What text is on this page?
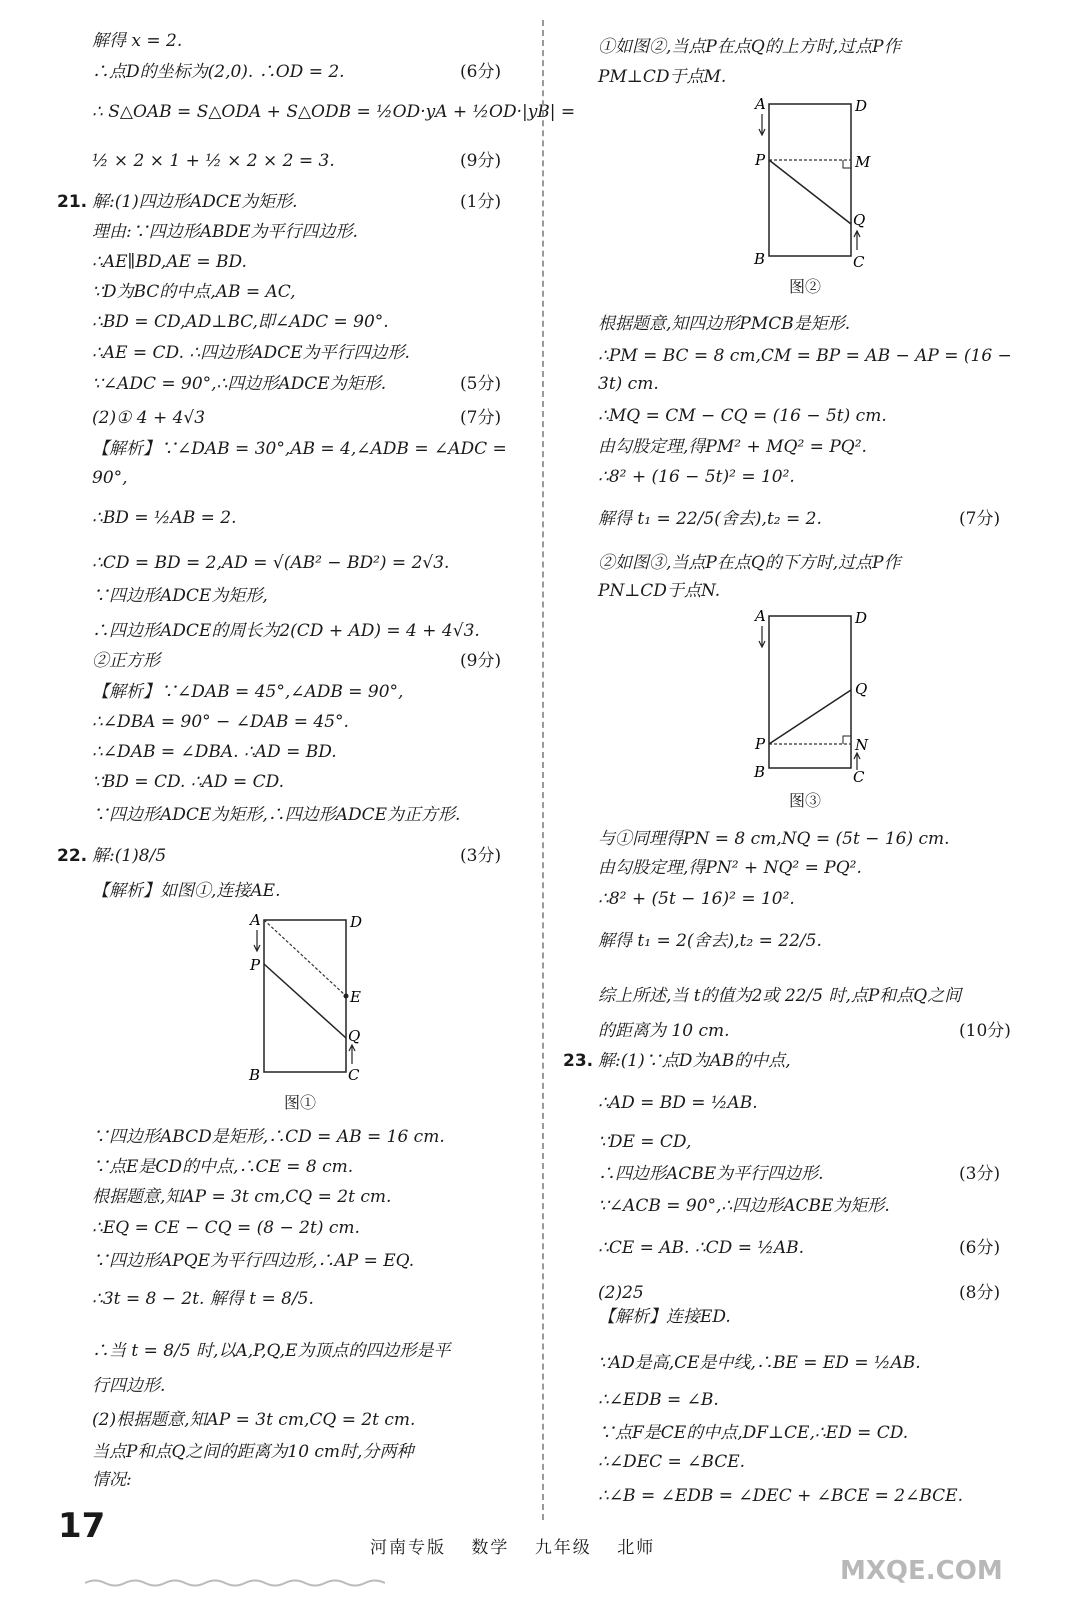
解得 x = 2.
∴点D的坐标为(2,0). ∴OD = 2.	(6分)
∴ S△OAB = S△ODA + S△ODB = ½OD·yA + ½OD·|yB| =
½ × 2 × 1 + ½ × 2 × 2 = 3.	(9分)
21. 解:(1)四边形ADCE为矩形.	(1分)
理由:∵四边形ABDE为平行四边形.
∴AE∥BD,AE = BD.
∵D为BC的中点,AB = AC,
∴BD = CD,AD⊥BC,即∠ADC = 90°.
∴AE = CD. ∴四边形ADCE为平行四边形.
∵∠ADC = 90°,∴四边形ADCE为矩形.	(5分)
(2)① 4 + 4√3	(7分)
【解析】∵∠DAB = 30°,AB = 4,∠ADB = ∠ADC =
90°,
∴BD = ½AB = 2.
∴CD = BD = 2,AD = √(AB² − BD²) = 2√3.
∵四边形ADCE为矩形,
∴四边形ADCE的周长为2(CD + AD) = 4 + 4√3.
②正方形	(9分)
【解析】∵∠DAB = 45°,∠ADB = 90°,
∴∠DBA = 90° − ∠DAB = 45°.
∴∠DAB = ∠DBA. ∴AD = BD.
∵BD = CD. ∴AD = CD.
∵四边形ADCE为矩形,∴四边形ADCE为正方形.
22. 解:(1)8/5	(3分)
【解析】如图①,连接AE.
∵四边形ABCD是矩形,∴CD = AB = 16 cm.
∵点E是CD的中点,∴CE = 8 cm.
根据题意,知AP = 3t cm,CQ = 2t cm.
∴EQ = CE − CQ = (8 − 2t) cm.
∵四边形APQE为平行四边形,∴AP = EQ.
∴3t = 8 − 2t. 解得 t = 8/5.
∴当 t = 8/5 时,以A,P,Q,E为顶点的四边形是平
行四边形.
(2)根据题意,知AP = 3t cm,CQ = 2t cm.
当点P和点Q之间的距离为10 cm时,分两种
情况:
①如图②,当点P在点Q的上方时,过点P作
PM⊥CD于点M.
根据题意,知四边形PMCB是矩形.
∴PM = BC = 8 cm,CM = BP = AB − AP = (16 −
3t) cm.
∴MQ = CM − CQ = (16 − 5t) cm.
由勾股定理,得PM² + MQ² = PQ².
∴8² + (16 − 5t)² = 10².
解得 t₁ = 22/5(舍去),t₂ = 2.	(7分)
②如图③,当点P在点Q的下方时,过点P作
PN⊥CD于点N.
与①同理得PN = 8 cm,NQ = (5t − 16) cm.
由勾股定理,得PN² + NQ² = PQ².
∴8² + (5t − 16)² = 10².
解得 t₁ = 2(舍去),t₂ = 22/5.
综上所述,当 t的值为2或 22/5 时,点P和点Q之间
的距离为 10 cm.	(10分)
23. 解:(1)∵点D为AB的中点,
∴AD = BD = ½AB.
∵DE = CD,
∴四边形ACBE为平行四边形.	(3分)
∵∠ACB = 90°,∴四边形ACBE为矩形.
∴CE = AB. ∴CD = ½AB.	(6分)
(2)25	(8分)
【解析】连接ED.
∵AD是高,CE是中线,∴BE = ED = ½AB.
∴∠EDB = ∠B.
∵点F是CE的中点,DF⊥CE,∴ED = CD.
∴∠DEC = ∠BCE.
∴∠B = ∠EDB = ∠DEC + ∠BCE = 2∠BCE.
A	D
P
E
Q
B	C
图①
A	D
P	M
Q
B	C
图②
A	D
Q
P	N
B	C
图③
17
河南专版 数学 九年级 北师
MXQE.COM
